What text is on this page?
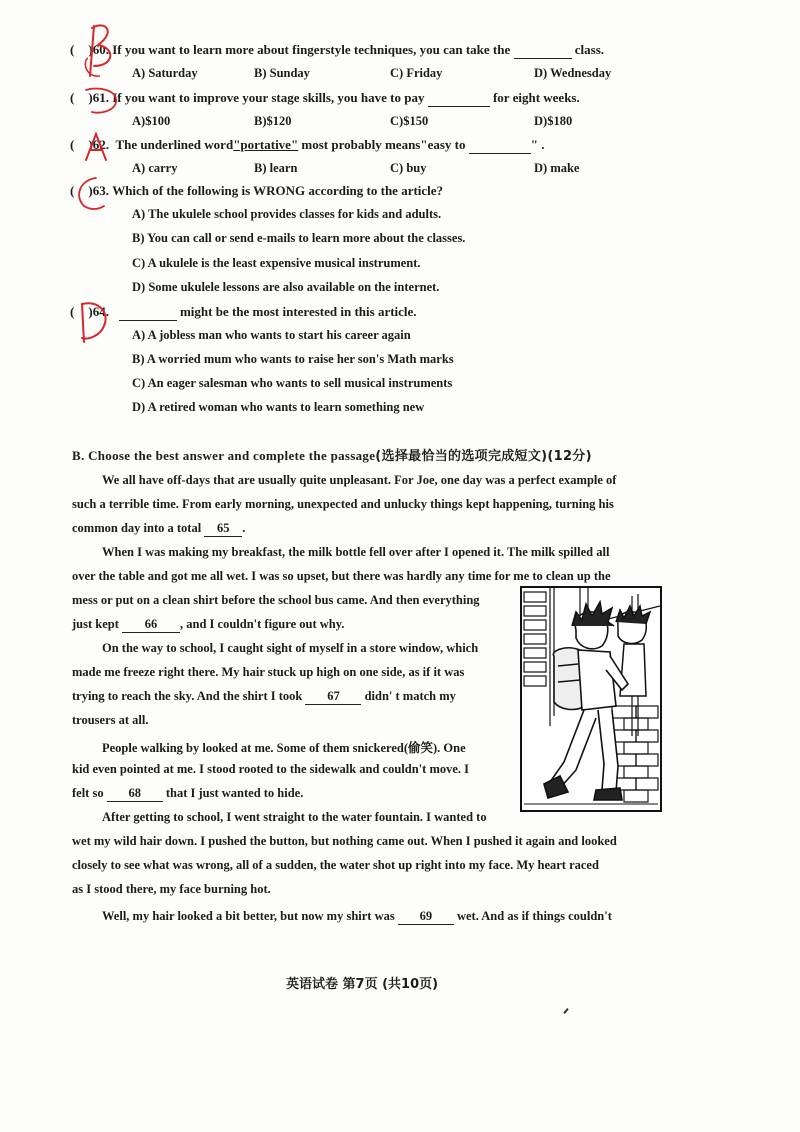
( )60. If you want to learn more about fingerstyle techniques, you can take the	class.
A) Saturday	B) Sunday	C) Friday	D) Wednesday
( )61. If you want to improve your stage skills, you have to pay	for eight weeks.
A)$100	B)$120	C)$150	D)$180
( )62.  The underlined word"portative" most probably means"easy to	" .
A) carry	B) learn	C) buy	D) make
( )63. Which of the following is WRONG according to the article?
A) The ukulele school provides classes for kids and adults.
B) You can call or send e-mails to learn more about the classes.
C) A ukulele is the least expensive musical instrument.
D) Some ukulele lessons are also available on the internet.
( )64.	might be the most interested in this article.
A) A jobless man who wants to start his career again
B) A worried mum who wants to raise her son's Math marks
C) An eager salesman who wants to sell musical instruments
D) A retired woman who wants to learn something new
B. Choose the best answer and complete the passage(选择最恰当的选项完成短文)(12分)
We all have off-days that are usually quite unpleasant. For Joe, one day was a perfect example of
such a terrible time. From early morning, unexpected and unlucky things kept happening, turning his
common day into a total 65 .
When I was making my breakfast, the milk bottle fell over after I opened it. The milk spilled all
over the table and got me all wet. I was so upset, but there was hardly any time for me to clean up the
mess or put on a clean shirt before the school bus came. And then everything
just kept 66 , and I couldn't figure out why.
On the way to school, I caught sight of myself in a store window, which
made me freeze right there. My hair stuck up high on one side, as if it was
trying to reach the sky. And the shirt I took 67 didn' t match my
trousers at all.
People walking by looked at me. Some of them snickered(偷笑). One
kid even pointed at me. I stood rooted to the sidewalk and couldn't move. I
felt so 68 that I just wanted to hide.
After getting to school, I went straight to the water fountain. I wanted to
wet my wild hair down. I pushed the button, but nothing came out. When I pushed it again and looked
closely to see what was wrong, all of a sudden, the water shot up right into my face. My heart raced
as I stood there, my face burning hot.
Well, my hair looked a bit better, but now my shirt was 69 wet. And as if things couldn't
英语试卷 第7页 (共10页)
